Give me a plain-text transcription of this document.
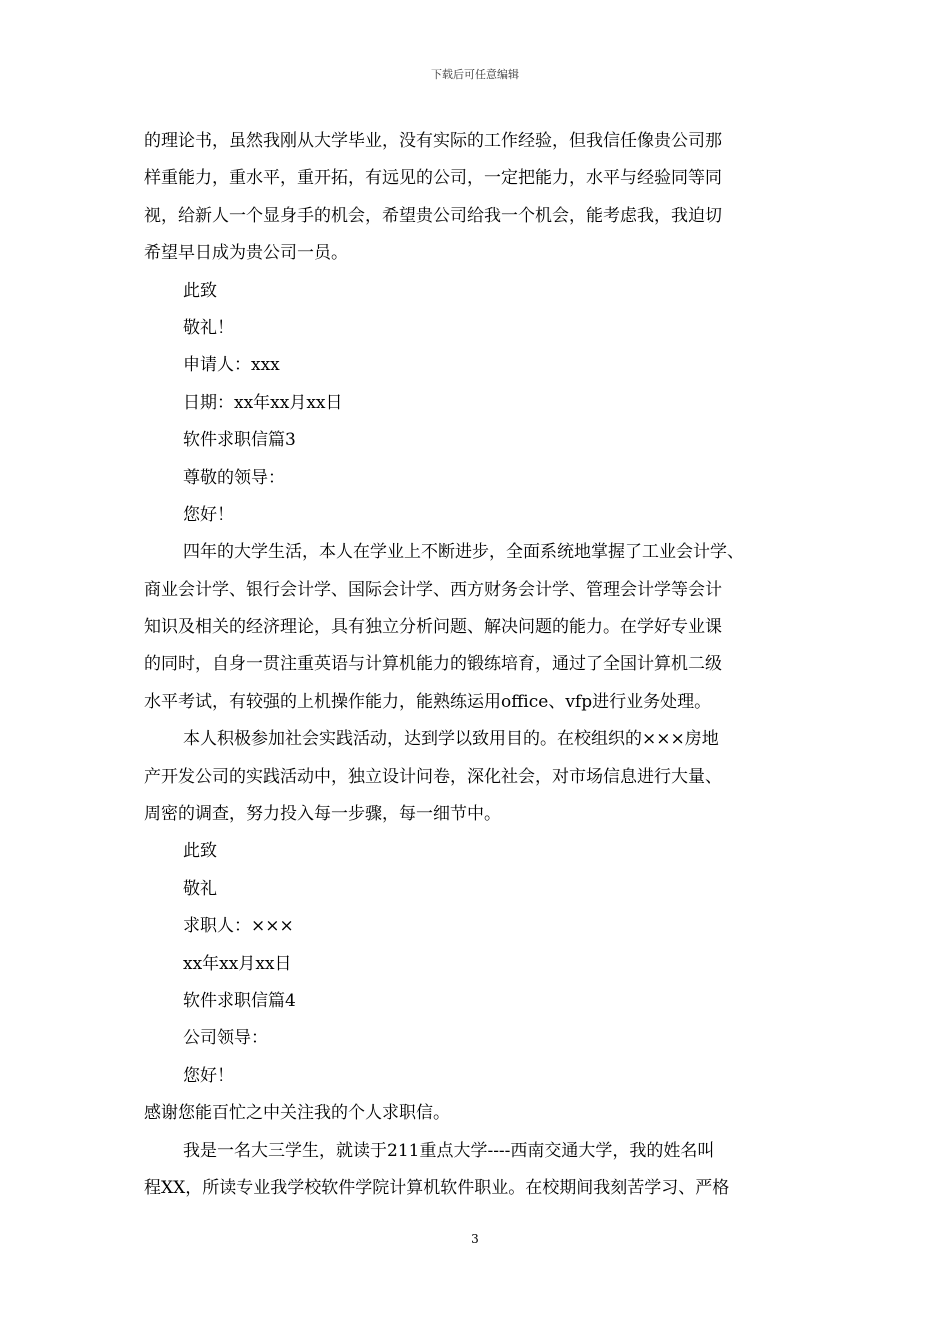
下载后可任意编辑
的理论书，虽然我刚从大学毕业，没有实际的工作经验，但我信任像贵公司那
样重能力，重水平，重开拓，有远见的公司，一定把能力，水平与经验同等同
视，给新人一个显身手的机会，希望贵公司给我一个机会，能考虑我，我迫切
希望早日成为贵公司一员。
此致
敬礼！
申请人：xxx
日期：xx年xx月xx日
软件求职信篇3
尊敬的领导：
您好！
四年的大学生活，本人在学业上不断进步，全面系统地掌握了工业会计学、
商业会计学、银行会计学、国际会计学、西方财务会计学、管理会计学等会计
知识及相关的经济理论，具有独立分析问题、解决问题的能力。在学好专业课
的同时，自身一贯注重英语与计算机能力的锻练培育，通过了全国计算机二级
水平考试，有较强的上机操作能力，能熟练运用office、vfp进行业务处理。
本人积极参加社会实践活动，达到学以致用目的。在校组织的×××房地
产开发公司的实践活动中，独立设计问卷，深化社会，对市场信息进行大量、
周密的调查，努力投入每一步骤，每一细节中。
此致
敬礼
求职人：×××
xx年xx月xx日
软件求职信篇4
公司领导：
您好！
感谢您能百忙之中关注我的个人求职信。
我是一名大三学生，就读于211重点大学----西南交通大学，我的姓名叫
程XX，所读专业我学校软件学院计算机软件职业。在校期间我刻苦学习、严格
3
